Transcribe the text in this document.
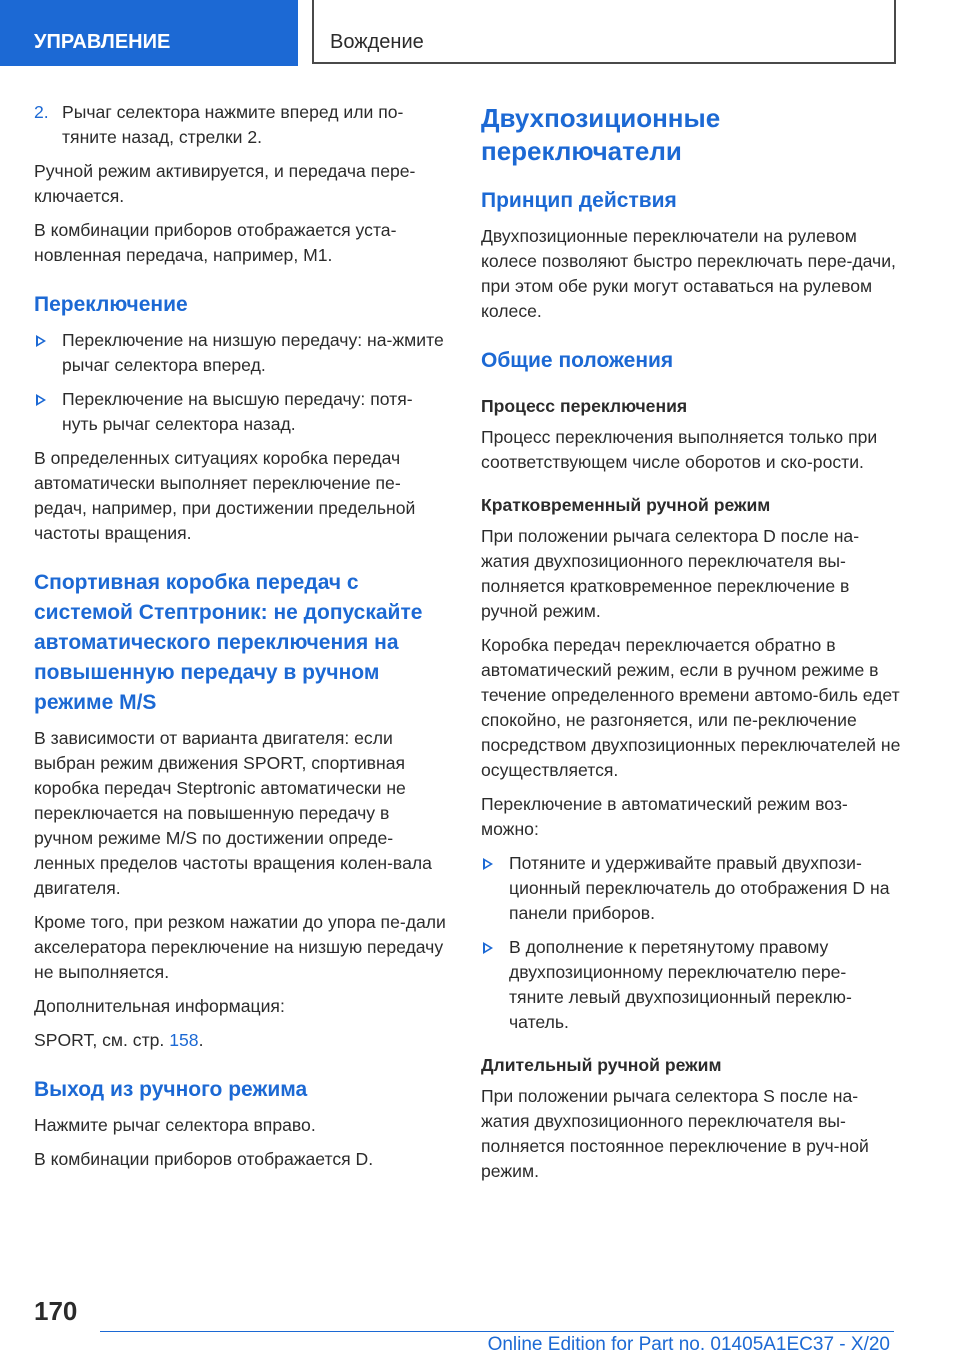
УПРАВЛЕНИЕ	Вождение
2. Рычаг селектора нажмите вперед или по-тяните назад, стрелки 2.

Ручной режим активируется, и передача пере-ключается.

В комбинации приборов отображается уста-новленная передача, например, M1.

Переключение
Переключение на низшую передачу: на-жмите рычаг селектора вперед.
Переключение на высшую передачу: потя-нуть рычаг селектора назад.

В определенных ситуациях коробка передач автоматически выполняет переключение пе-редач, например, при достижении предельной частоты вращения.

Спортивная коробка передач с системой Стептроник: не допускайте автоматического переключения на повышенную передачу в ручном режиме M/S

В зависимости от варианта двигателя: если выбран режим движения SPORT, спортивная коробка передач Steptronic автоматически не переключается на повышенную передачу в ручном режиме M/S по достижении опреде-ленных пределов частоты вращения колен-вала двигателя.

Кроме того, при резком нажатии до упора пе-дали акселератора переключение на низшую передачу не выполняется.

Дополнительная информация:

SPORT, см. стр. 158.

Выход из ручного режима

Нажмите рычаг селектора вправо.

В комбинации приборов отображается D.

Двухпозиционные переключатели
Принцип действия

Двухпозиционные переключатели на рулевом колесе позволяют быстро переключать пере-дачи, при этом обе руки могут оставаться на рулевом колесе.

Общие положения
Процесс переключения

Процесс переключения выполняется только при соответствующем числе оборотов и ско-рости.

Кратковременный ручной режим

При положении рычага селектора D после на-жатия двухпозиционного переключателя вы-полняется кратковременное переключение в ручной режим.

Коробка передач переключается обратно в автоматический режим, если в ручном режиме в течение определенного времени автомо-биль едет спокойно, не разгоняется, или пе-реключение посредством двухпозиционных переключателей не осуществляется.

Переключение в автоматический режим воз-можно:

Потяните и удерживайте правый двухпози-ционный переключатель до отображения D на панели приборов.
В дополнение к перетянутому правому двухпозиционному переключателю пере-тяните левый двухпозиционный переклю-чатель.
Длительный ручной режим

При положении рычага селектора S после на-жатия двухпозиционного переключателя вы-полняется постоянное переключение в руч-ной режим.

170
Online Edition for Part no. 01405A1EC37 - X/20
